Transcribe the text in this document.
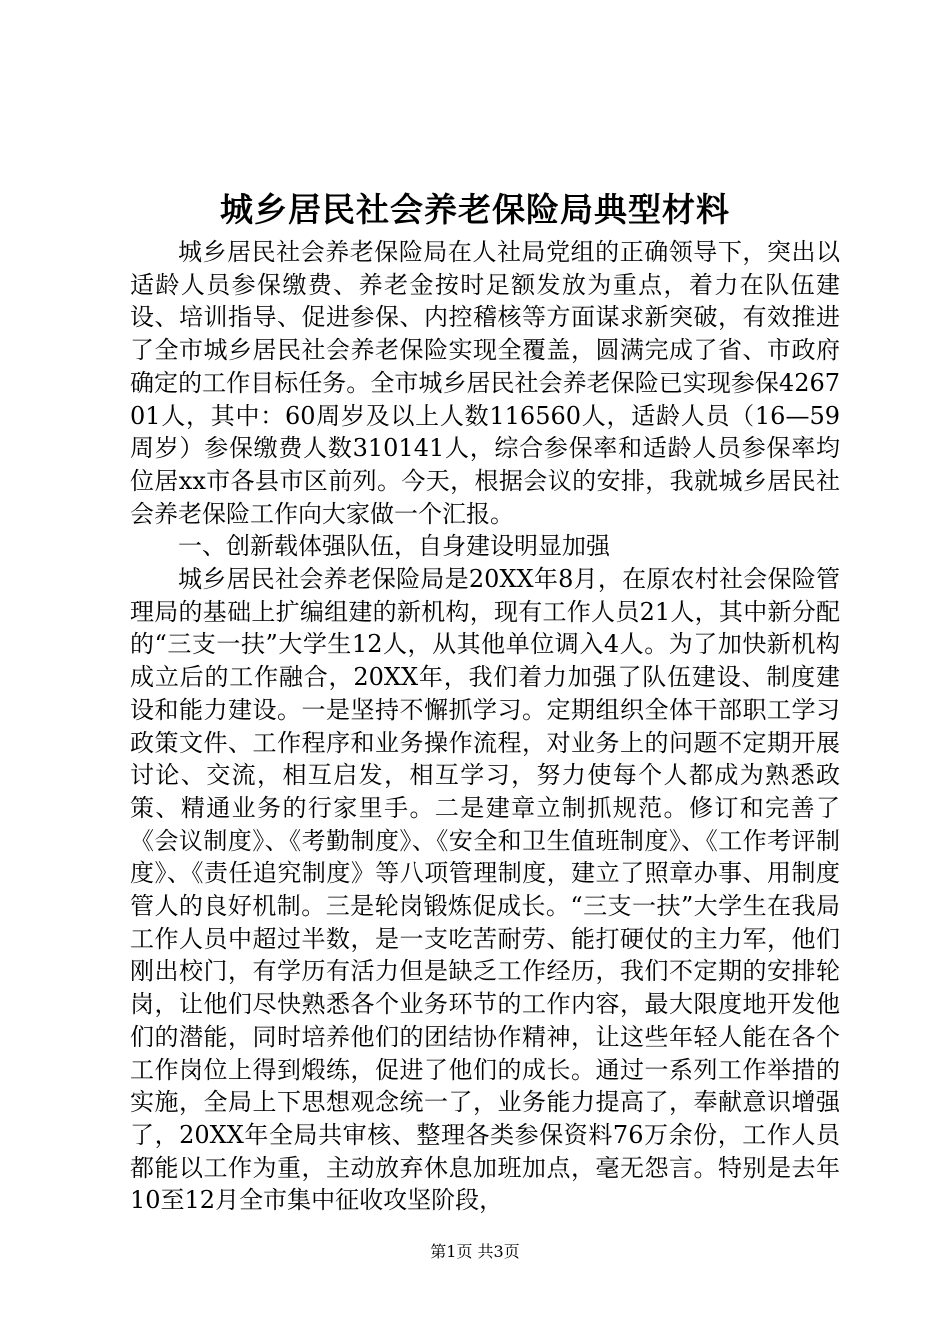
城乡居民社会养老保险局典型材料

城乡居民社会养老保险局在人社局党组的正确领导下，突出以适龄人员参保缴费、养老金按时足额发放为重点，着力在队伍建设、培训指导、促进参保、内控稽核等方面谋求新突破，有效推进了全市城乡居民社会养老保险实现全覆盖，圆满完成了省、市政府确定的工作目标任务。全市城乡居民社会养老保险已实现参保426701人，其中：60周岁及以上人数116560人，适龄人员（16—59周岁）参保缴费人数310141人，综合参保率和适龄人员参保率均位居xx市各县市区前列。今天，根据会议的安排，我就城乡居民社会养老保险工作向大家做一个汇报。

一、创新载体强队伍，自身建设明显加强

城乡居民社会养老保险局是20XX年8月，在原农村社会保险管理局的基础上扩编组建的新机构，现有工作人员21人，其中新分配的“三支一扶”大学生12人，从其他单位调入4人。为了加快新机构成立后的工作融合，20XX年，我们着力加强了队伍建设、制度建设和能力建设。一是坚持不懈抓学习。定期组织全体干部职工学习政策文件、工作程序和业务操作流程，对业务上的问题不定期开展讨论、交流，相互启发，相互学习，努力使每个人都成为熟悉政策、精通业务的行家里手。二是建章立制抓规范。修订和完善了《会议制度》、《考勤制度》、《安全和卫生值班制度》、《工作考评制度》、《责任追究制度》等八项管理制度，建立了照章办事、用制度管人的良好机制。三是轮岗锻炼促成长。“三支一扶”大学生在我局工作人员中超过半数，是一支吃苦耐劳、能打硬仗的主力军，他们刚出校门，有学历有活力但是缺乏工作经历，我们不定期的安排轮岗，让他们尽快熟悉各个业务环节的工作内容，最大限度地开发他们的潜能，同时培养他们的团结协作精神，让这些年轻人能在各个工作岗位上得到煅练，促进了他们的成长。通过一系列工作举措的实施，全局上下思想观念统一了，业务能力提高了，奉献意识增强了，20XX年全局共审核、整理各类参保资料76万余份，工作人员都能以工作为重，主动放弃休息加班加点，毫无怨言。特别是去年10至12月全市集中征收攻坚阶段，

第1页 共3页
